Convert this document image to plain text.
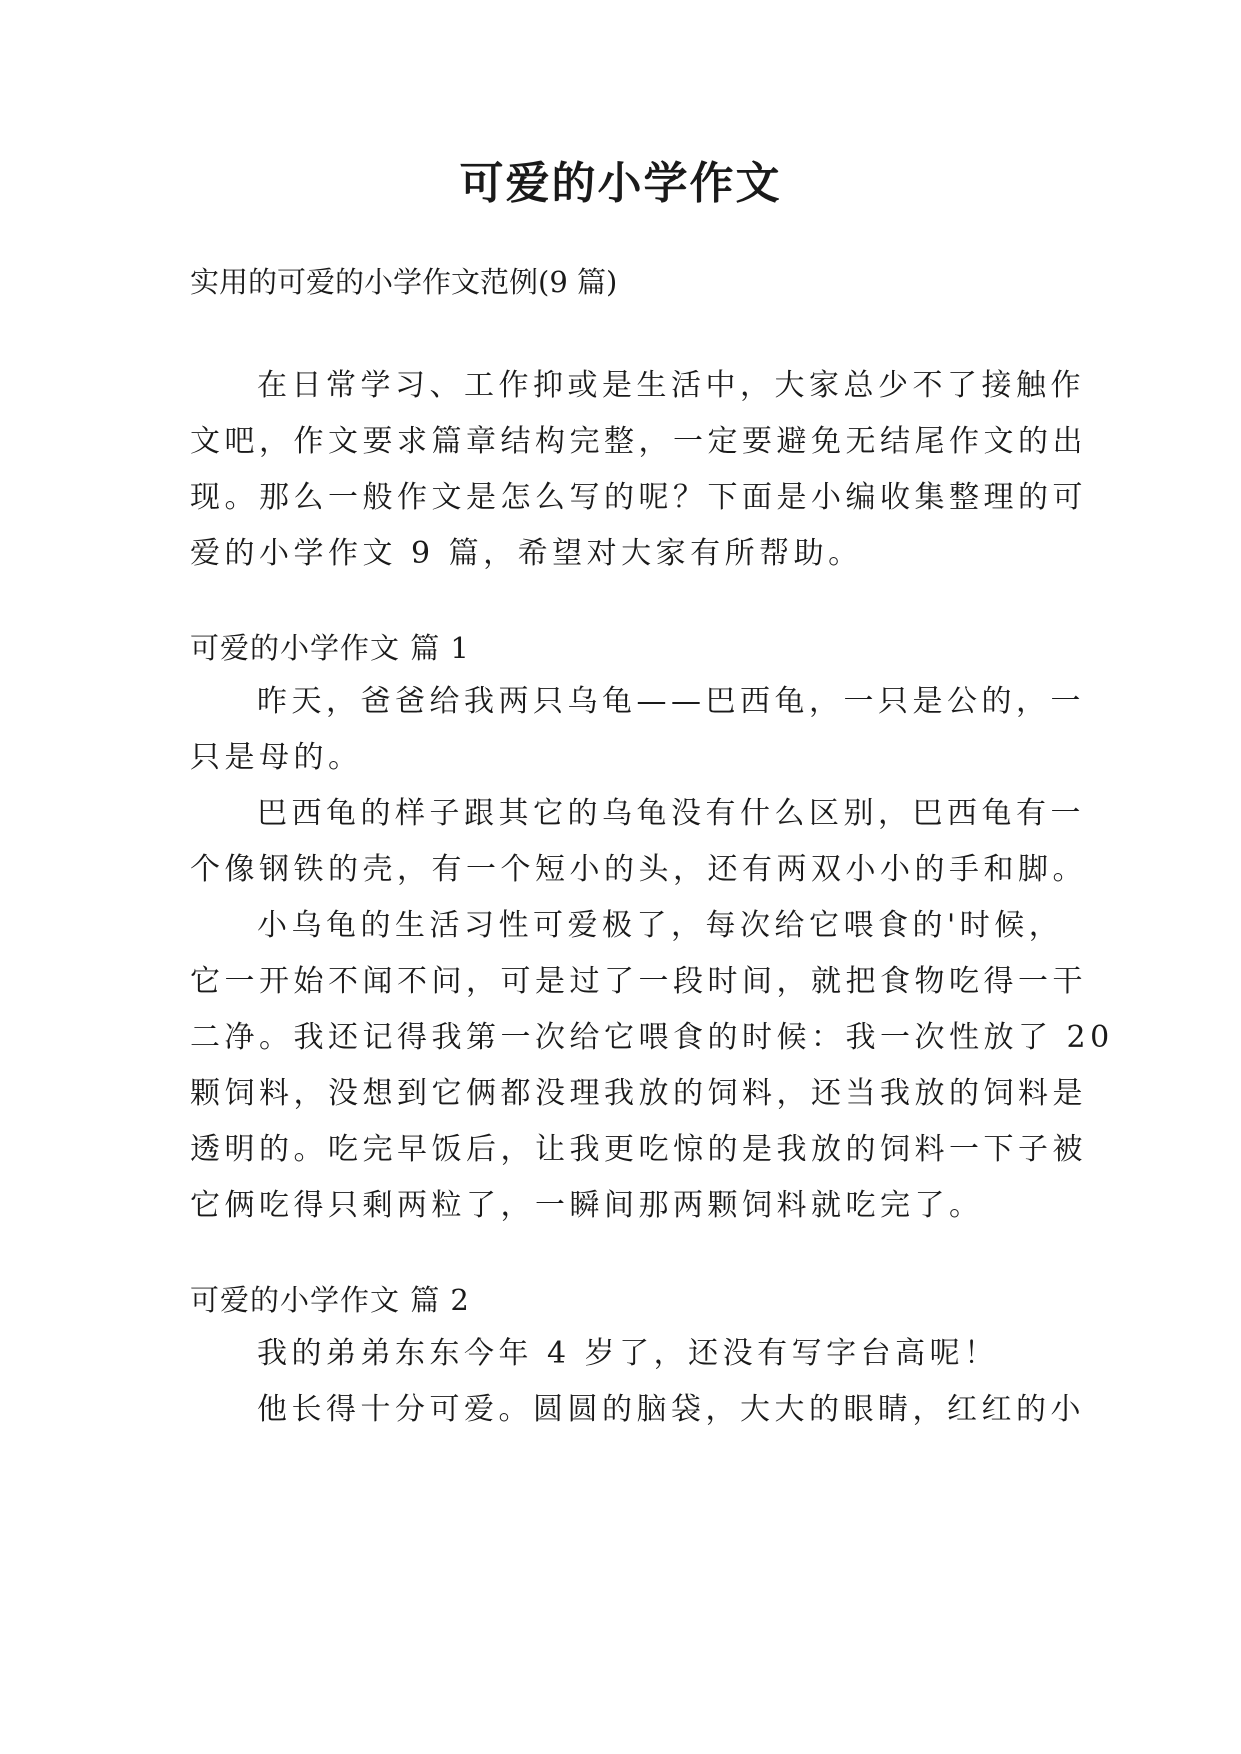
可爱的小学作文

实用的可爱的小学作文范例(9 篇)

在日常学习、工作抑或是生活中，大家总少不了接触作

文吧，作文要求篇章结构完整，一定要避免无结尾作文的出

现。那么一般作文是怎么写的呢？下面是小编收集整理的可

爱的小学作文 9 篇，希望对大家有所帮助。

可爱的小学作文 篇 1

昨天，爸爸给我两只乌龟——巴西龟，一只是公的，一

只是母的。

巴西龟的样子跟其它的乌龟没有什么区别，巴西龟有一

个像钢铁的壳，有一个短小的头，还有两双小小的手和脚。

小乌龟的生活习性可爱极了，每次给它喂食的'时候，

它一开始不闻不问，可是过了一段时间，就把食物吃得一干

二净。我还记得我第一次给它喂食的时候：我一次性放了 20

颗饲料，没想到它俩都没理我放的饲料，还当我放的饲料是

透明的。吃完早饭后，让我更吃惊的是我放的饲料一下子被

它俩吃得只剩两粒了，一瞬间那两颗饲料就吃完了。

可爱的小学作文 篇 2

我的弟弟东东今年 4 岁了，还没有写字台高呢！

他长得十分可爱。圆圆的脑袋，大大的眼睛，红红的小
